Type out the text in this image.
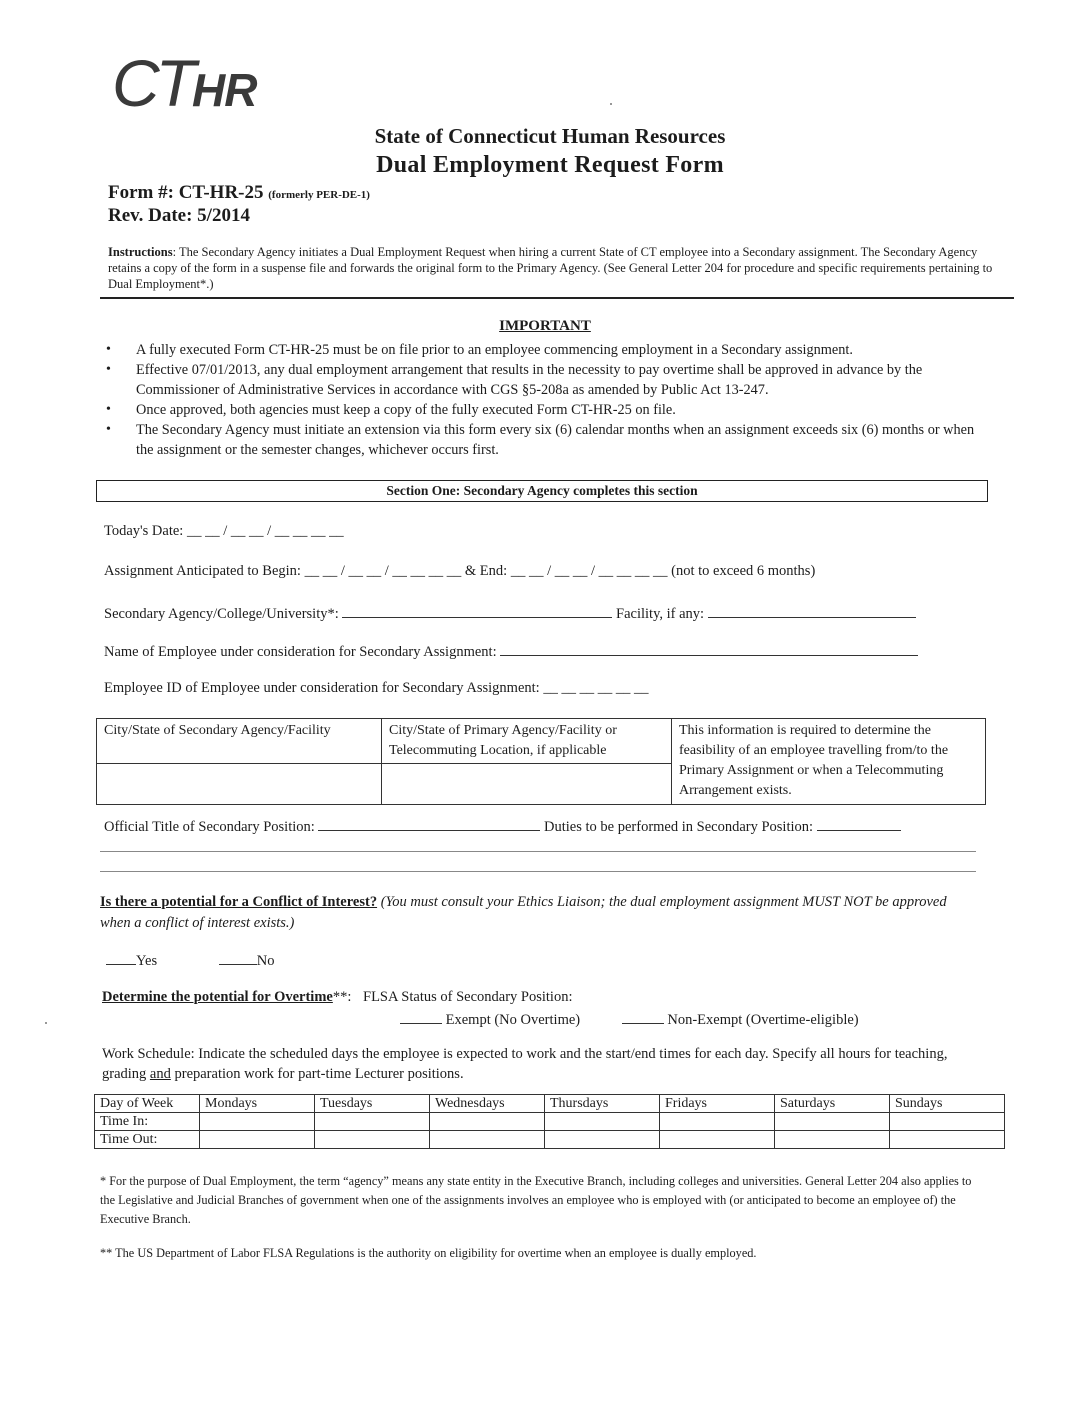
CTHR
State of Connecticut Human Resources
Dual Employment Request Form
Form #: CT-HR-25 (formerly PER-DE-1)
Rev. Date: 5/2014
Instructions: The Secondary Agency initiates a Dual Employment Request when hiring a current State of CT employee into a Secondary assignment. The Secondary Agency retains a copy of the form in a suspense file and forwards the original form to the Primary Agency. (See General Letter 204 for procedure and specific requirements pertaining to Dual Employment*.)
IMPORTANT
• A fully executed Form CT-HR-25 must be on file prior to an employee commencing employment in a Secondary assignment.
• Effective 07/01/2013, any dual employment arrangement that results in the necessity to pay overtime shall be approved in advance by the Commissioner of Administrative Services in accordance with CGS §5-208a as amended by Public Act 13-247.
• Once approved, both agencies must keep a copy of the fully executed Form CT-HR-25 on file.
• The Secondary Agency must initiate an extension via this form every six (6) calendar months when an assignment exceeds six (6) months or when the assignment or the semester changes, whichever occurs first.
Section One: Secondary Agency completes this section
Today's Date: __ __ / __ __ / __ __ __ __
Assignment Anticipated to Begin: __ __ / __ __ / __ __ __ __ & End: __ __ / __ __ / __ __ __ __ (not to exceed 6 months)
Secondary Agency/College/University*:	Facility, if any:
Name of Employee under consideration for Secondary Assignment:
Employee ID of Employee under consideration for Secondary Assignment: __ __ __ __ __ __
City/State of Secondary Agency/Facility	City/State of Primary Agency/Facility or Telecommuting Location, if applicable	This information is required to determine the feasibility of an employee travelling from/to the Primary Assignment or when a Telecommuting Arrangement exists.

Official Title of Secondary Position:	Duties to be performed in Secondary Position:
Is there a potential for a Conflict of Interest? (You must consult your Ethics Liaison; the dual employment assignment MUST NOT be approved when a conflict of interest exists.)
Yes	No
Determine the potential for Overtime**: FLSA Status of Secondary Position:
Exempt (No Overtime)	Non-Exempt (Overtime-eligible)
Work Schedule: Indicate the scheduled days the employee is expected to work and the start/end times for each day. Specify all hours for teaching, grading and preparation work for part-time Lecturer positions.
Day of Week	Mondays	Tuesdays	Wednesdays	Thursdays	Fridays	Saturdays	Sundays
Time In:							
Time Out:							
* For the purpose of Dual Employment, the term “agency” means any state entity in the Executive Branch, including colleges and universities. General Letter 204 also applies to the Legislative and Judicial Branches of government when one of the assignments involves an employee who is employed with (or anticipated to become an employee of) the Executive Branch.
** The US Department of Labor FLSA Regulations is the authority on eligibility for overtime when an employee is dually employed.
